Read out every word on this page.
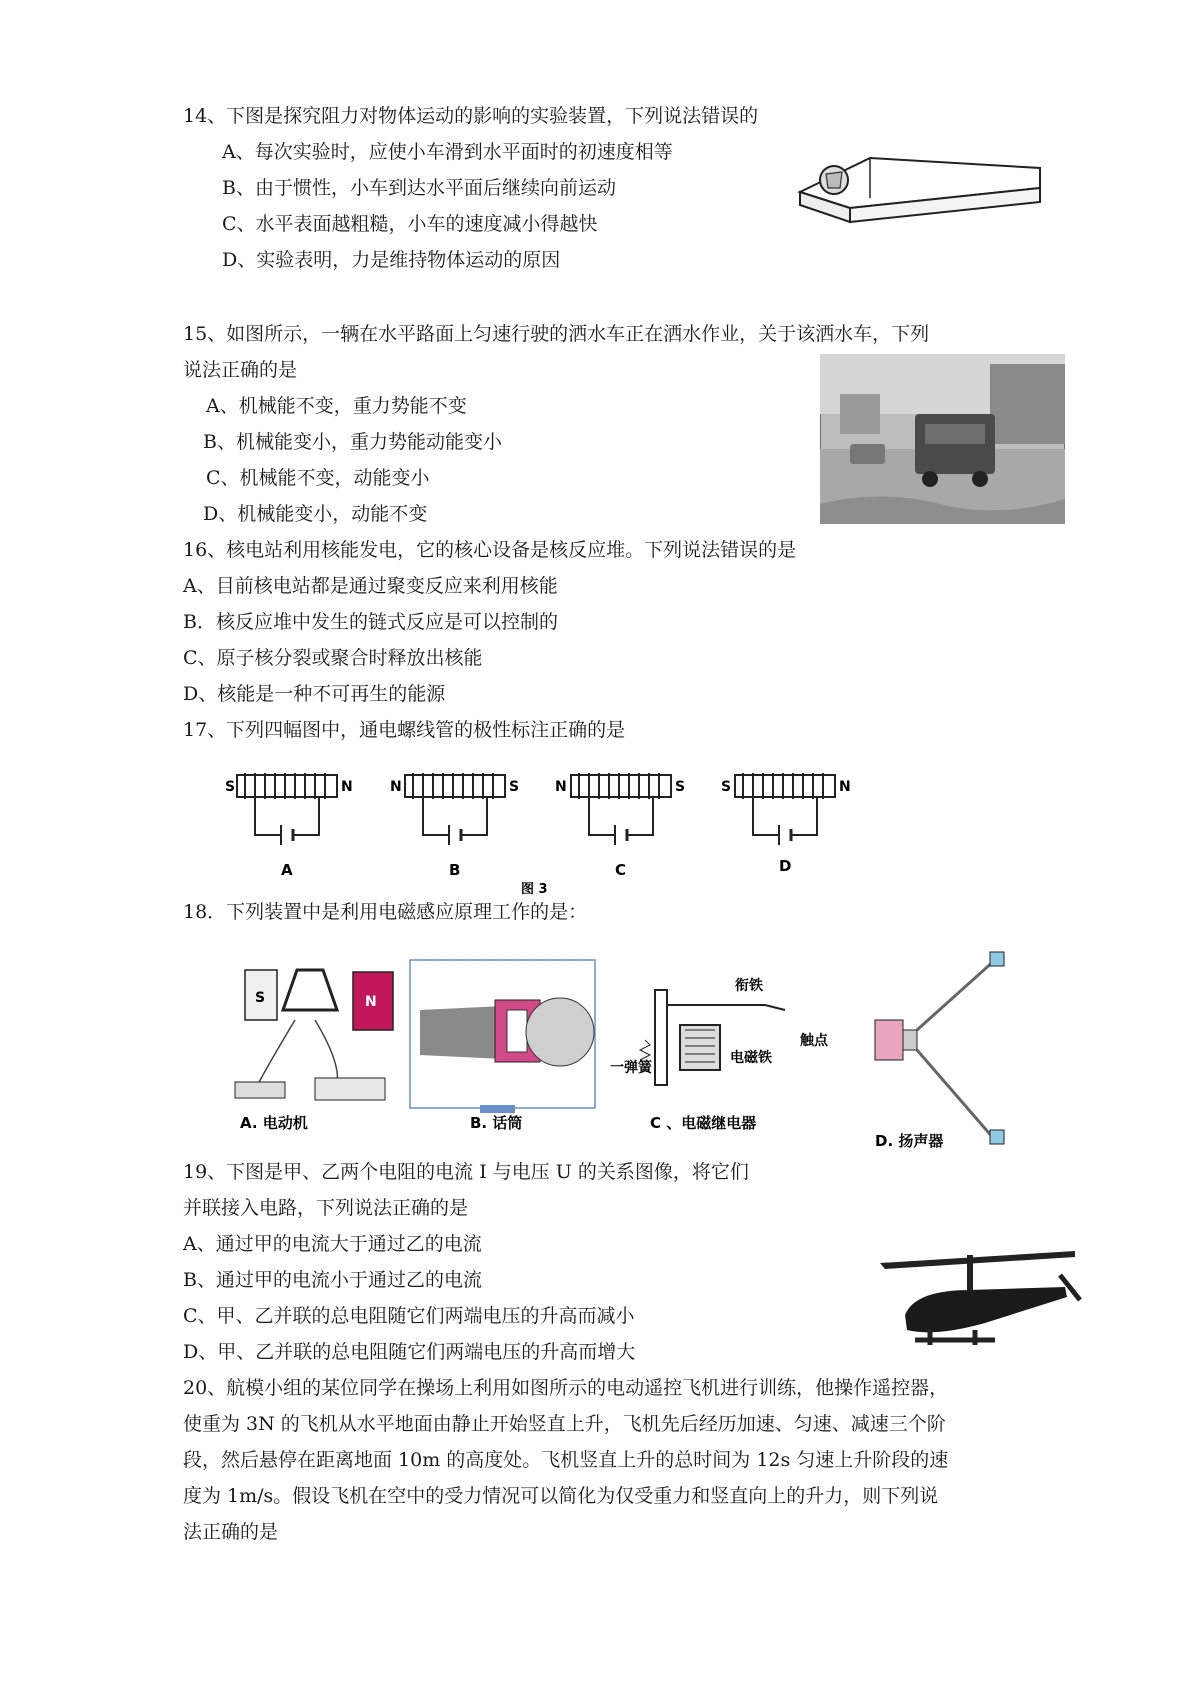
14、下图是探究阻力对物体运动的影响的实验装置，下列说法错误的
A、每次实验时，应使小车滑到水平面时的初速度相等
B、由于惯性，小车到达水平面后继续向前运动
C、水平表面越粗糙，小车的速度减小得越快
D、实验表明，力是维持物体运动的原因
15、如图所示，一辆在水平路面上匀速行驶的洒水车正在洒水作业，关于该洒水车，下列
说法正确的是
A、机械能不变，重力势能不变
B、机械能变小，重力势能动能变小
C、机械能不变，动能变小
D、机械能变小，动能不变
16、核电站利用核能发电，它的核心设备是核反应堆。下列说法错误的是
A、目前核电站都是通过聚变反应来利用核能
B．核反应堆中发生的链式反应是可以控制的
C、原子核分裂或聚合时释放出核能
D、核能是一种不可再生的能源
17、下列四幅图中，通电螺线管的极性标注正确的是
S	N
A
N	S
B
N	S
C
S	N
D
图 3
18．下列装置中是利用电磁感应原理工作的是：
S	N
A. 电动机	B. 话筒
衔铁
一弹簧
电磁铁
触点
C 、电磁继电器
D. 扬声器
19、下图是甲、乙两个电阻的电流 I 与电压 U 的关系图像，将它们
并联接入电路，下列说法正确的是
A、通过甲的电流大于通过乙的电流
B、通过甲的电流小于通过乙的电流
C、甲、乙并联的总电阻随它们两端电压的升高而减小
D、甲、乙并联的总电阻随它们两端电压的升高而增大
20、航模小组的某位同学在操场上利用如图所示的电动遥控飞机进行训练，他操作遥控器，
使重为 3N 的飞机从水平地面由静止开始竖直上升，飞机先后经历加速、匀速、减速三个阶
段，然后悬停在距离地面 10m 的高度处。飞机竖直上升的总时间为 12s 匀速上升阶段的速
度为 1m/s。假设飞机在空中的受力情况可以简化为仅受重力和竖直向上的升力，则下列说
法正确的是
